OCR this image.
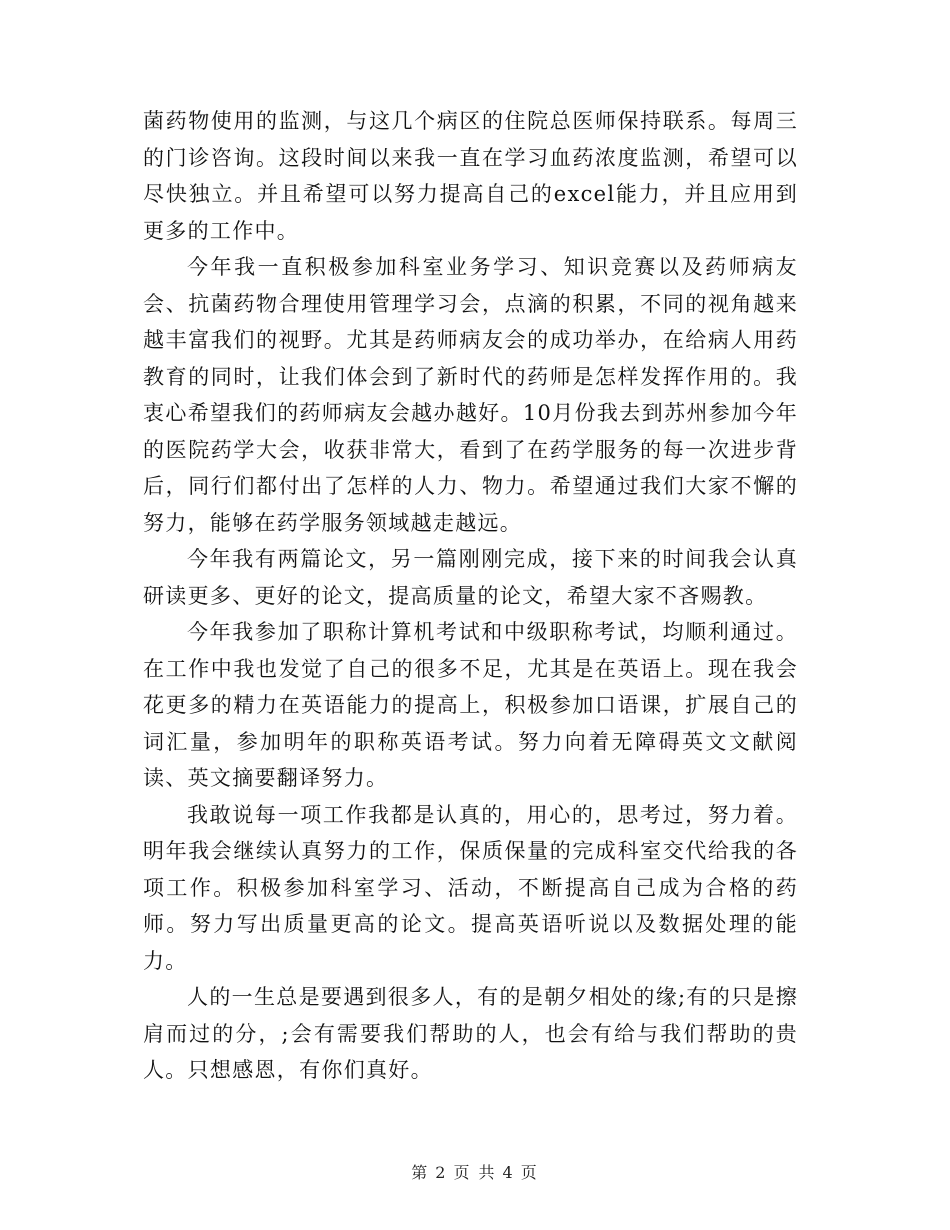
菌药物使用的监测，与这几个病区的住院总医师保持联系。每周三的门诊咨询。这段时间以来我一直在学习血药浓度监测，希望可以尽快独立。并且希望可以努力提高自己的excel能力，并且应用到更多的工作中。

今年我一直积极参加科室业务学习、知识竞赛以及药师病友会、抗菌药物合理使用管理学习会，点滴的积累，不同的视角越来越丰富我们的视野。尤其是药师病友会的成功举办，在给病人用药教育的同时，让我们体会到了新时代的药师是怎样发挥作用的。我衷心希望我们的药师病友会越办越好。10月份我去到苏州参加今年的医院药学大会，收获非常大，看到了在药学服务的每一次进步背后，同行们都付出了怎样的人力、物力。希望通过我们大家不懈的努力，能够在药学服务领域越走越远。

今年我有两篇论文，另一篇刚刚完成，接下来的时间我会认真研读更多、更好的论文，提高质量的论文，希望大家不吝赐教。

今年我参加了职称计算机考试和中级职称考试，均顺利通过。在工作中我也发觉了自己的很多不足，尤其是在英语上。现在我会花更多的精力在英语能力的提高上，积极参加口语课，扩展自己的词汇量，参加明年的职称英语考试。努力向着无障碍英文文献阅读、英文摘要翻译努力。

我敢说每一项工作我都是认真的，用心的，思考过，努力着。明年我会继续认真努力的工作，保质保量的完成科室交代给我的各项工作。积极参加科室学习、活动，不断提高自己成为合格的药师。努力写出质量更高的论文。提高英语听说以及数据处理的能力。

人的一生总是要遇到很多人，有的是朝夕相处的缘;有的只是擦肩而过的分，;会有需要我们帮助的人，也会有给与我们帮助的贵人。只想感恩，有你们真好。

第 2 页 共 4 页
